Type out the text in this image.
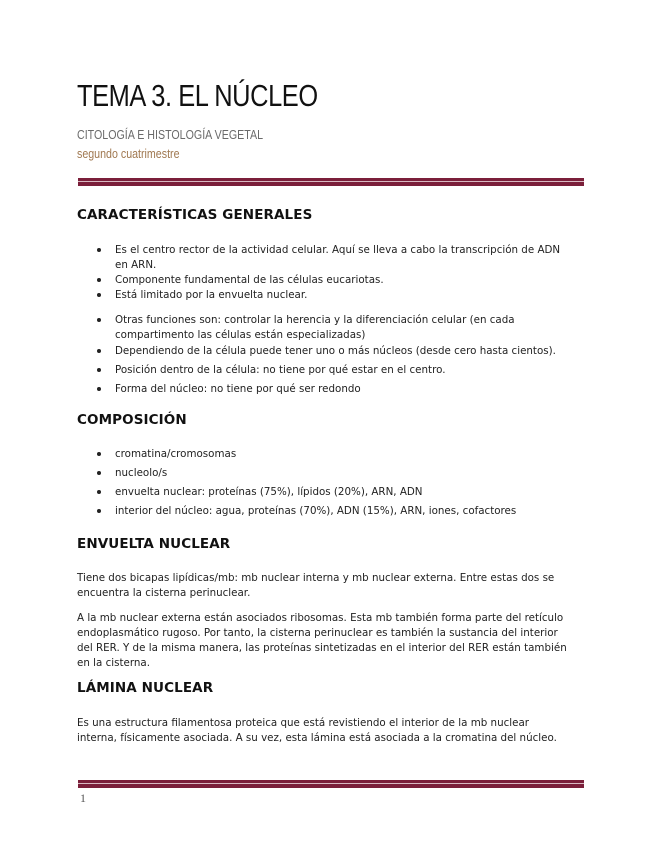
TEMA 3. EL NÚCLEO
CITOLOGÍA E HISTOLOGÍA VEGETAL
segundo cuatrimestre
CARACTERÍSTICAS GENERALES
Es el centro rector de la actividad celular. Aquí se lleva a cabo la transcripción de ADN en ARN.
Componente fundamental de las células eucariotas.
Está limitado por la envuelta nuclear.
Otras funciones son: controlar la herencia y la diferenciación celular (en cada compartimento las células están especializadas)
Dependiendo de la célula puede tener uno o más núcleos (desde cero hasta cientos).
Posición dentro de la célula: no tiene por qué estar en el centro.
Forma del núcleo: no tiene por qué ser redondo
COMPOSICIÓN
cromatina/cromosomas
nucleolo/s
envuelta nuclear: proteínas (75%), lípidos (20%), ARN, ADN
interior del núcleo: agua, proteínas (70%), ADN (15%), ARN, iones, cofactores
ENVUELTA NUCLEAR

Tiene dos bicapas lipídicas/mb: mb nuclear interna y mb nuclear externa. Entre estas dos se encuentra la cisterna perinuclear.

A la mb nuclear externa están asociados ribosomas. Esta mb también forma parte del retículo endoplasmático rugoso. Por tanto, la cisterna perinuclear es también la sustancia del interior del RER. Y de la misma manera, las proteínas sintetizadas en el interior del RER están también en la cisterna.

LÁMINA NUCLEAR

Es una estructura filamentosa proteica que está revistiendo el interior de la mb nuclear interna, físicamente asociada. A su vez, esta lámina está asociada a la cromatina del núcleo.

1
